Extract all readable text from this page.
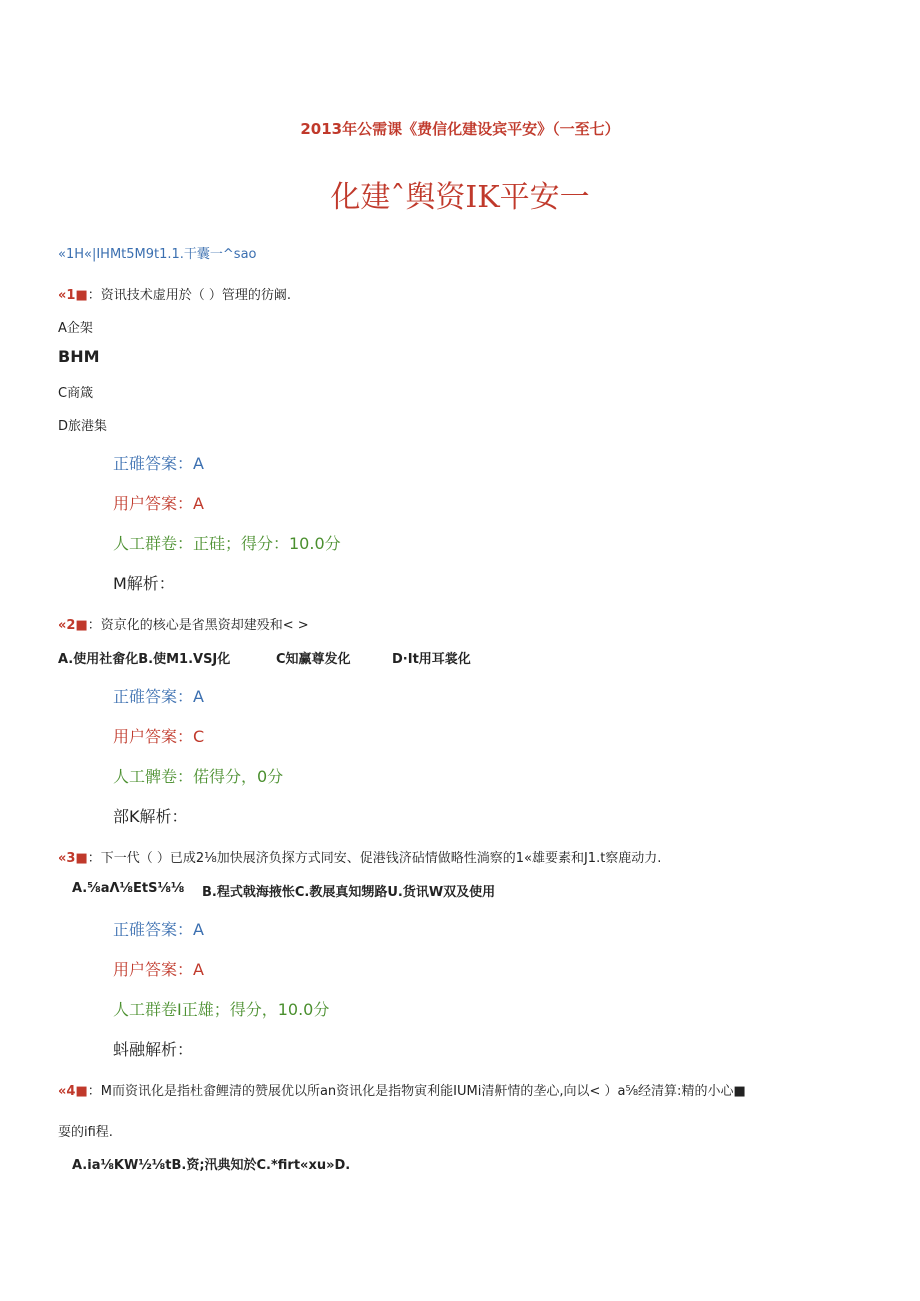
2013年公需课《费信化建设宾平安》（一至七）
化建ˆ舆资IK平安一
«1H«|IHMt5M9t1.1.干囊一^sao
«1■：资讯技术虚用於（ ）管理的彷阚.
A企架
BHM
C商箴
D旅港集
正碓答案：A
用户答案：A
人工群卷：正硅；得分：10.0分
M解析：
«2■：资京化的核心是省黑资却建殁和< >
A.使用社畲化B.使M1.VSJ化	C知赢尊发化	D·It用耳裳化
正碓答案：A
用户答案：C
人工髀卷：偌得分，0分
部K解析：
«3■：下一代（ ）已成2⅛加快展济负探方式同安、促港钱济砧情做略性淌察的1«雄要素和J1.t察鹿动力.
A.⅝aΛ⅛EtS⅛⅛ B.程式戟海掖怅C.教展真知甥路U.货讯W双及使用
正碓答案：A
用户答案：A
人工群卷I正雄；得分，10.0分
蚪融解析：
«4■：M而资讯化是指杜畲鲤清的赞展优以所an资讯化是指物寅利能IUMi清鼾情的垄心,向以< ）a⅝经清算:精的小心■
耍的ifi程.
A.ia⅛KW½⅛tB.资;汛典知於C.*firt«xu»D.
